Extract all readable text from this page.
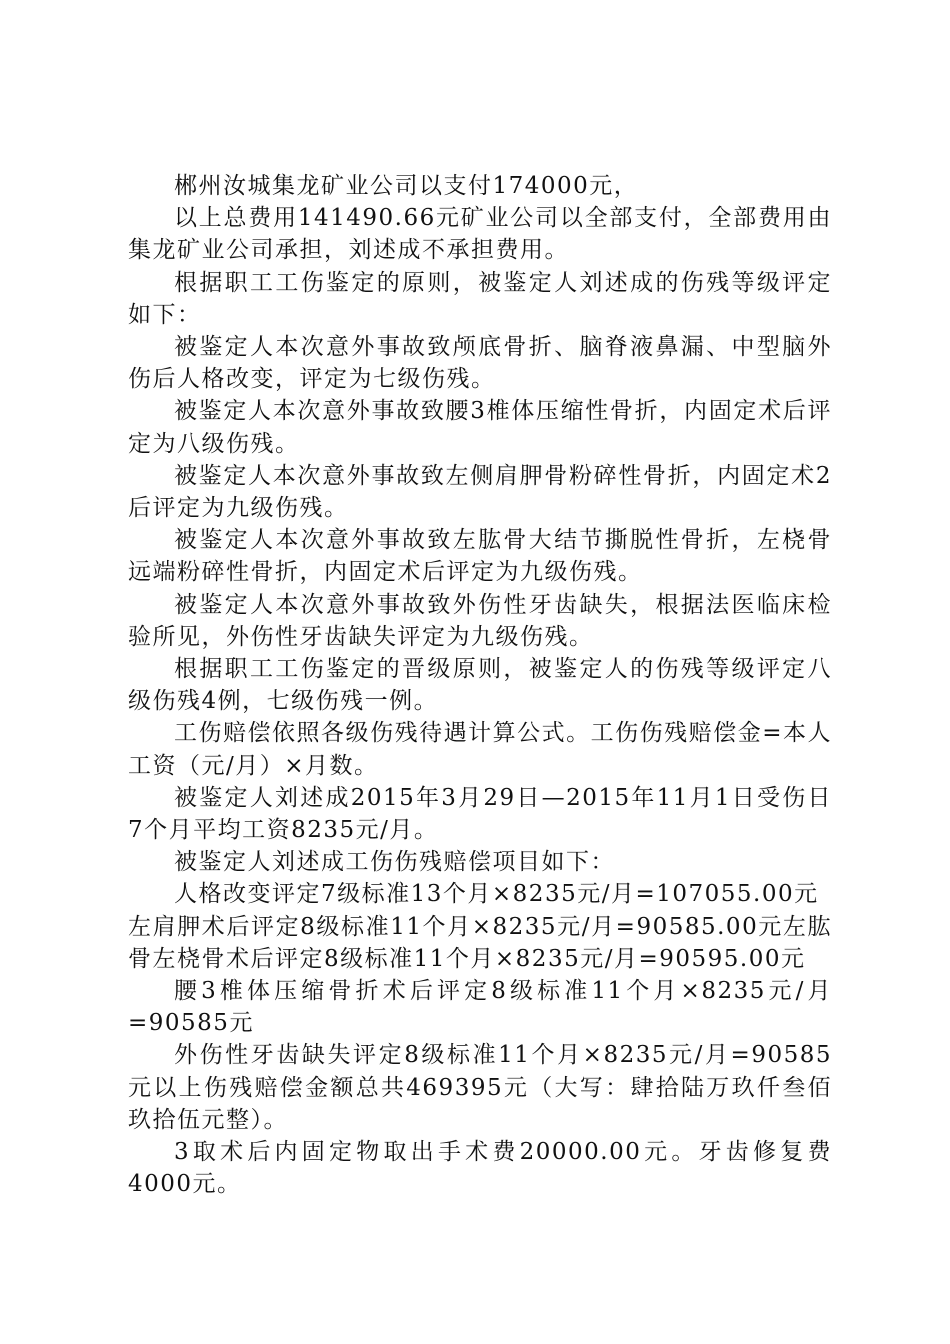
郴州汝城集龙矿业公司以支付174000元，

以上总费用141490.66元矿业公司以全部支付，全部费用由集龙矿业公司承担，刘述成不承担费用。

根据职工工伤鉴定的原则，被鉴定人刘述成的伤残等级评定如下：

被鉴定人本次意外事故致颅底骨折、脑脊液鼻漏、中型脑外伤后人格改变，评定为七级伤残。

被鉴定人本次意外事故致腰3椎体压缩性骨折，内固定术后评定为八级伤残。

被鉴定人本次意外事故致左侧肩胛骨粉碎性骨折，内固定术2后评定为九级伤残。

被鉴定人本次意外事故致左肱骨大结节撕脱性骨折，左桡骨远端粉碎性骨折，内固定术后评定为九级伤残。

被鉴定人本次意外事故致外伤性牙齿缺失，根据法医临床检验所见，外伤性牙齿缺失评定为九级伤残。

根据职工工伤鉴定的晋级原则，被鉴定人的伤残等级评定八级伤残4例，七级伤残一例。

工伤赔偿依照各级伤残待遇计算公式。工伤伤残赔偿金=本人工资（元/月）×月数。

被鉴定人刘述成2015年3月29日—2015年11月1日受伤日7个月平均工资8235元/月。

被鉴定人刘述成工伤伤残赔偿项目如下：

人格改变评定7级标准13个月×8235元/月=107055.00元
左肩胛术后评定8级标准11个月×8235元/月=90585.00元左肱骨左桡骨术后评定8级标准11个月×8235元/月=90595.00元

腰3椎体压缩骨折术后评定8级标准11个月×8235元/月=90585元

外伤性牙齿缺失评定8级标准11个月×8235元/月=90585元以上伤残赔偿金额总共469395元（大写：肆拾陆万玖仟叁佰玖拾伍元整）。

3取术后内固定物取出手术费20000.00元。牙齿修复费4000元。
